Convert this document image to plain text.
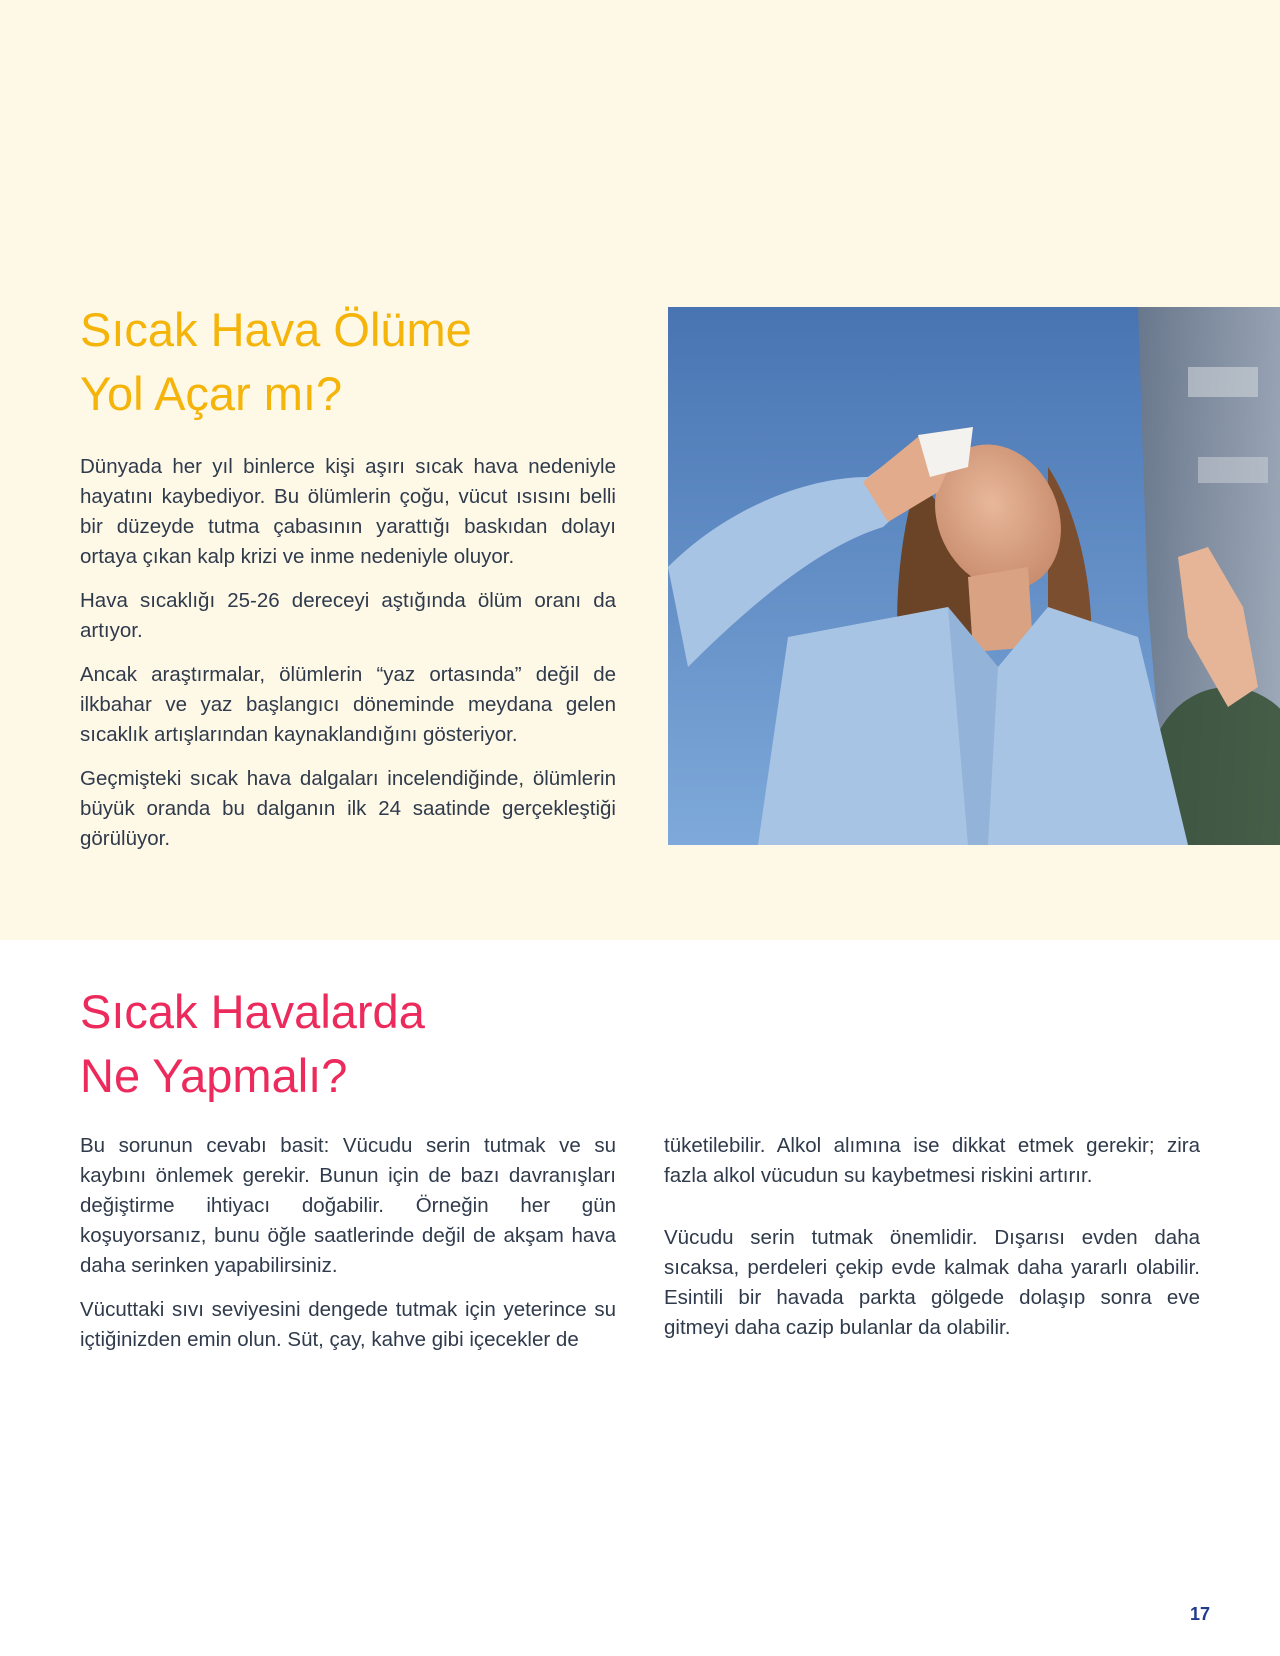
Sıcak Hava Ölüme
Yol Açar mı?

Dünyada her yıl binlerce kişi aşırı sıcak hava nedeniyle hayatını kaybediyor. Bu ölümlerin çoğu, vücut ısısını belli bir düzeyde tutma çabasının yarattığı baskıdan dolayı ortaya çıkan kalp krizi ve inme nedeniyle oluyor.

Hava sıcaklığı 25-26 dereceyi aştığında ölüm oranı da artıyor.

Ancak araştırmalar, ölümlerin “yaz ortasında” değil de ilkbahar ve yaz başlangıcı döneminde meydana gelen sıcaklık artışlarından kaynaklandığını gösteriyor.

Geçmişteki sıcak hava dalgaları incelendiğinde, ölümlerin büyük oranda bu dalganın ilk 24 saatinde gerçekleştiği görülüyor.

Sıcak Havalarda
Ne Yapmalı?

Bu sorunun cevabı basit: Vücudu serin tutmak ve su kaybını önlemek gerekir. Bunun için de bazı davranışları değiştirme ihtiyacı doğabilir. Örneğin her gün koşuyorsanız, bunu öğle saatlerinde değil de akşam hava daha serinken yapabilirsiniz.

Vücuttaki sıvı seviyesini dengede tutmak için yeterince su içtiğinizden emin olun. Süt, çay, kahve gibi içecekler de

tüketilebilir. Alkol alımına ise dikkat etmek gerekir; zira fazla alkol vücudun su kaybetmesi riskini artırır.

Vücudu serin tutmak önemlidir. Dışarısı evden daha sıcaksa, perdeleri çekip evde kalmak daha yararlı olabilir. Esintili bir havada parkta gölgede dolaşıp sonra eve gitmeyi daha cazip bulanlar da olabilir.

17
